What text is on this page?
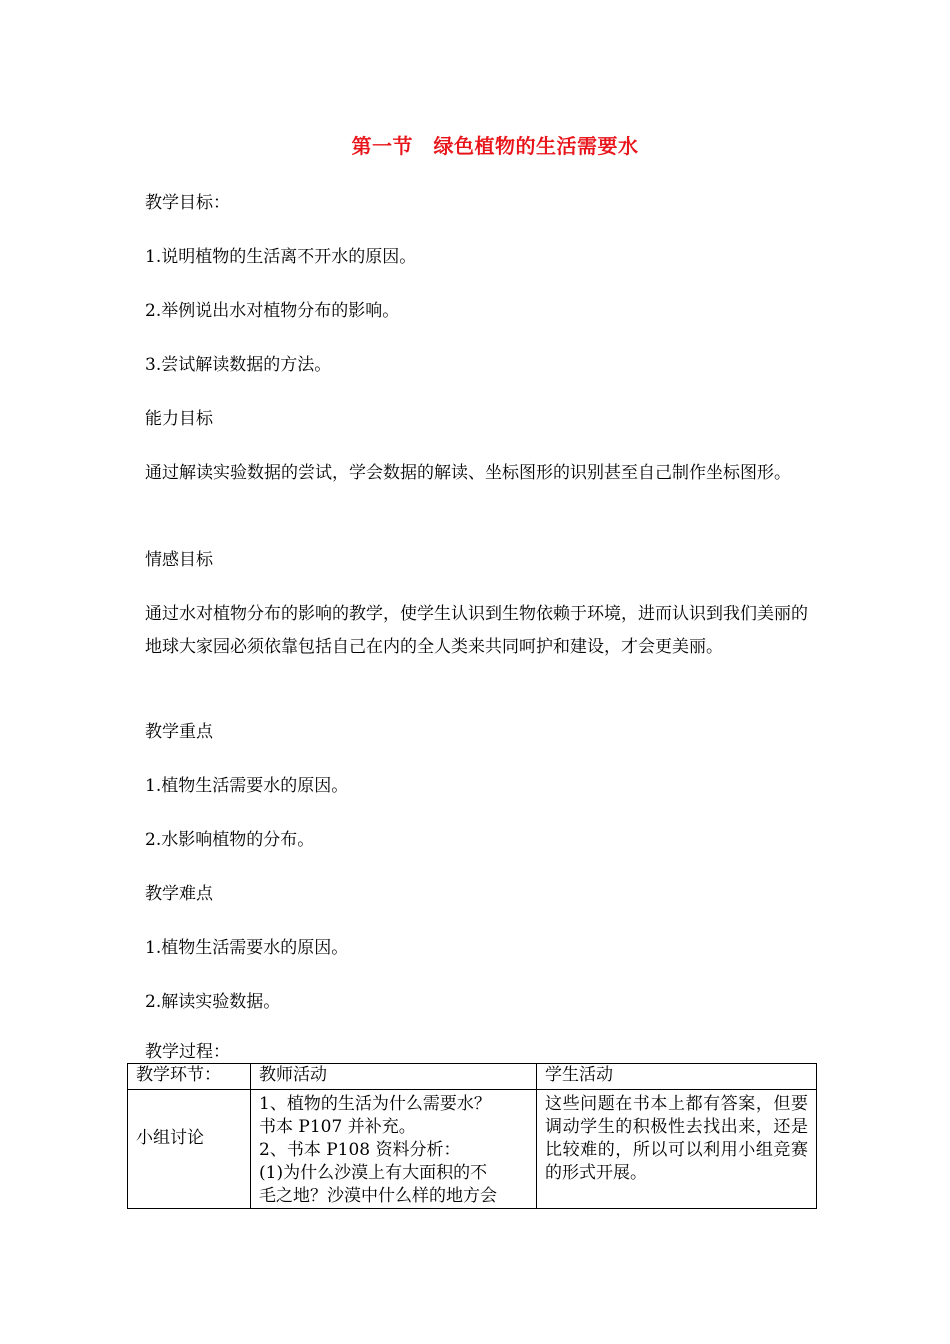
第一节　绿色植物的生活需要水

教学目标：

1.说明植物的生活离不开水的原因。

2.举例说出水对植物分布的影响。

3.尝试解读数据的方法。

能力目标

通过解读实验数据的尝试，学会数据的解读、坐标图形的识别甚至自己制作坐标图形。

情感目标

通过水对植物分布的影响的教学，使学生认识到生物依赖于环境，进而认识到我们美丽的地球大家园必须依靠包括自己在内的全人类来共同呵护和建设，才会更美丽。

教学重点

1.植物生活需要水的原因。

2.水影响植物的分布。

教学难点

1.植物生活需要水的原因。

2.解读实验数据。

教学过程：

教学环节：	教师活动	学生活动
小组讨论	1、植物的生活为什么需要水？
书本 P107 并补充。
2、书本 P108 资料分析：
(1)为什么沙漠上有大面积的不
毛之地？沙漠中什么样的地方会	这些问题在书本上都有答案，但要调动学生的积极性去找出来，还是比较难的，所以可以利用小组竞赛的形式开展。
